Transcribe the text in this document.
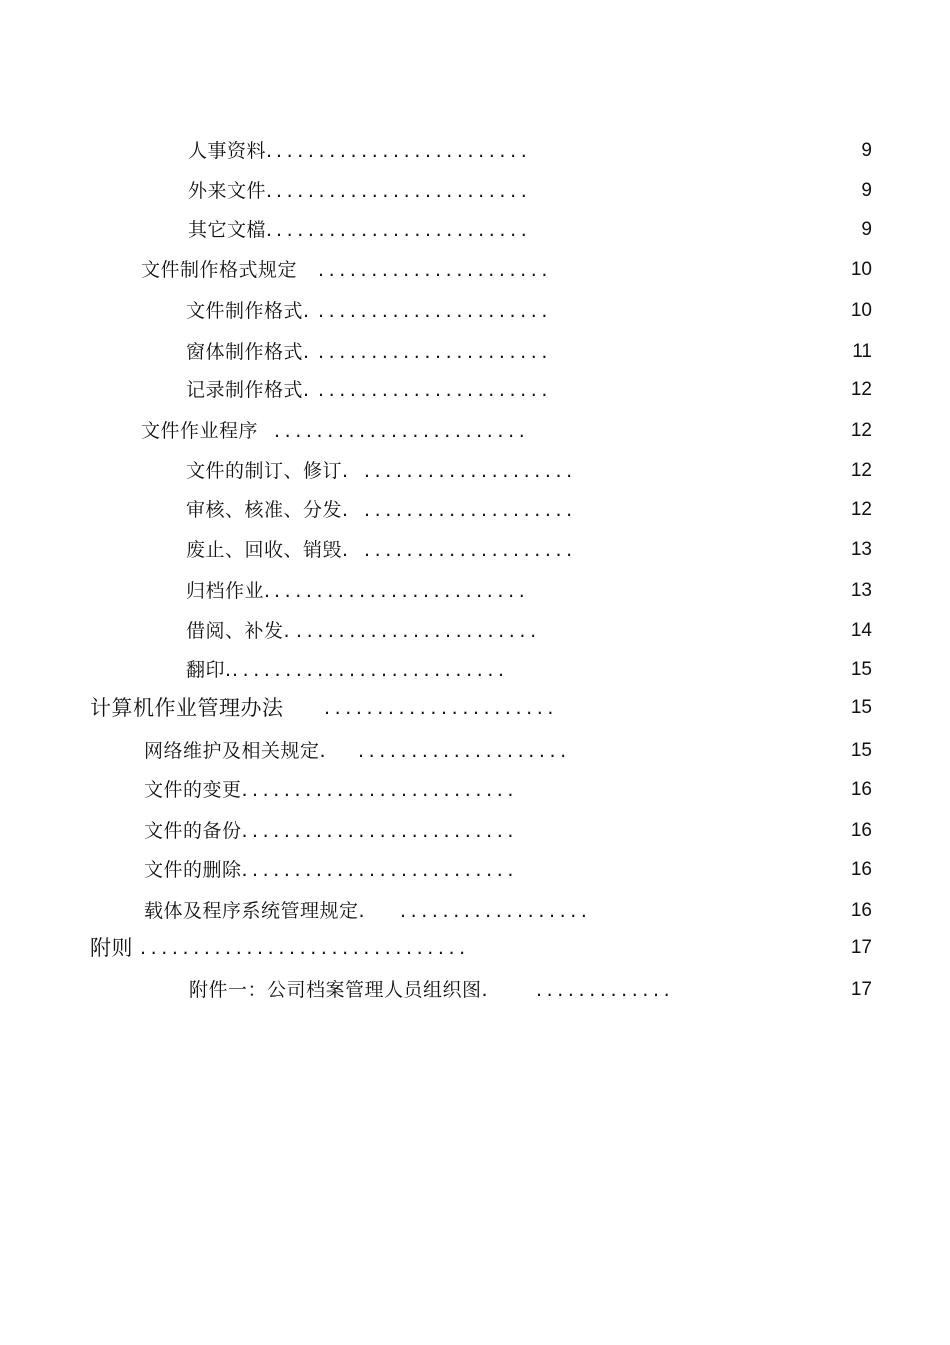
人事资料. ........................	9
外来文件. ........................	9
其它文檔. ........................	9
文件制作格式规定 ......................	10
文件制作格式. ......................	10
窗体制作格式. ......................	11
记录制作格式. ......................	12
文件作业程序 ........................	12
文件的制订、修订. ....................	12
审核、核准、分发. ....................	12
废止、回收、销毁. ....................	13
归档作业. ........................	13
借阅、补发. .......................	14
翻印. ..........................	15
计算机作业管理办法 ......................	15
网络维护及相关规定. ....................	15
文件的变更. .........................	16
文件的备份. .........................	16
文件的删除. .........................	16
载体及程序系统管理规定. ..................	16
附则 ...............................	17
附件一：公司档案管理人员组织图.	.............	17
